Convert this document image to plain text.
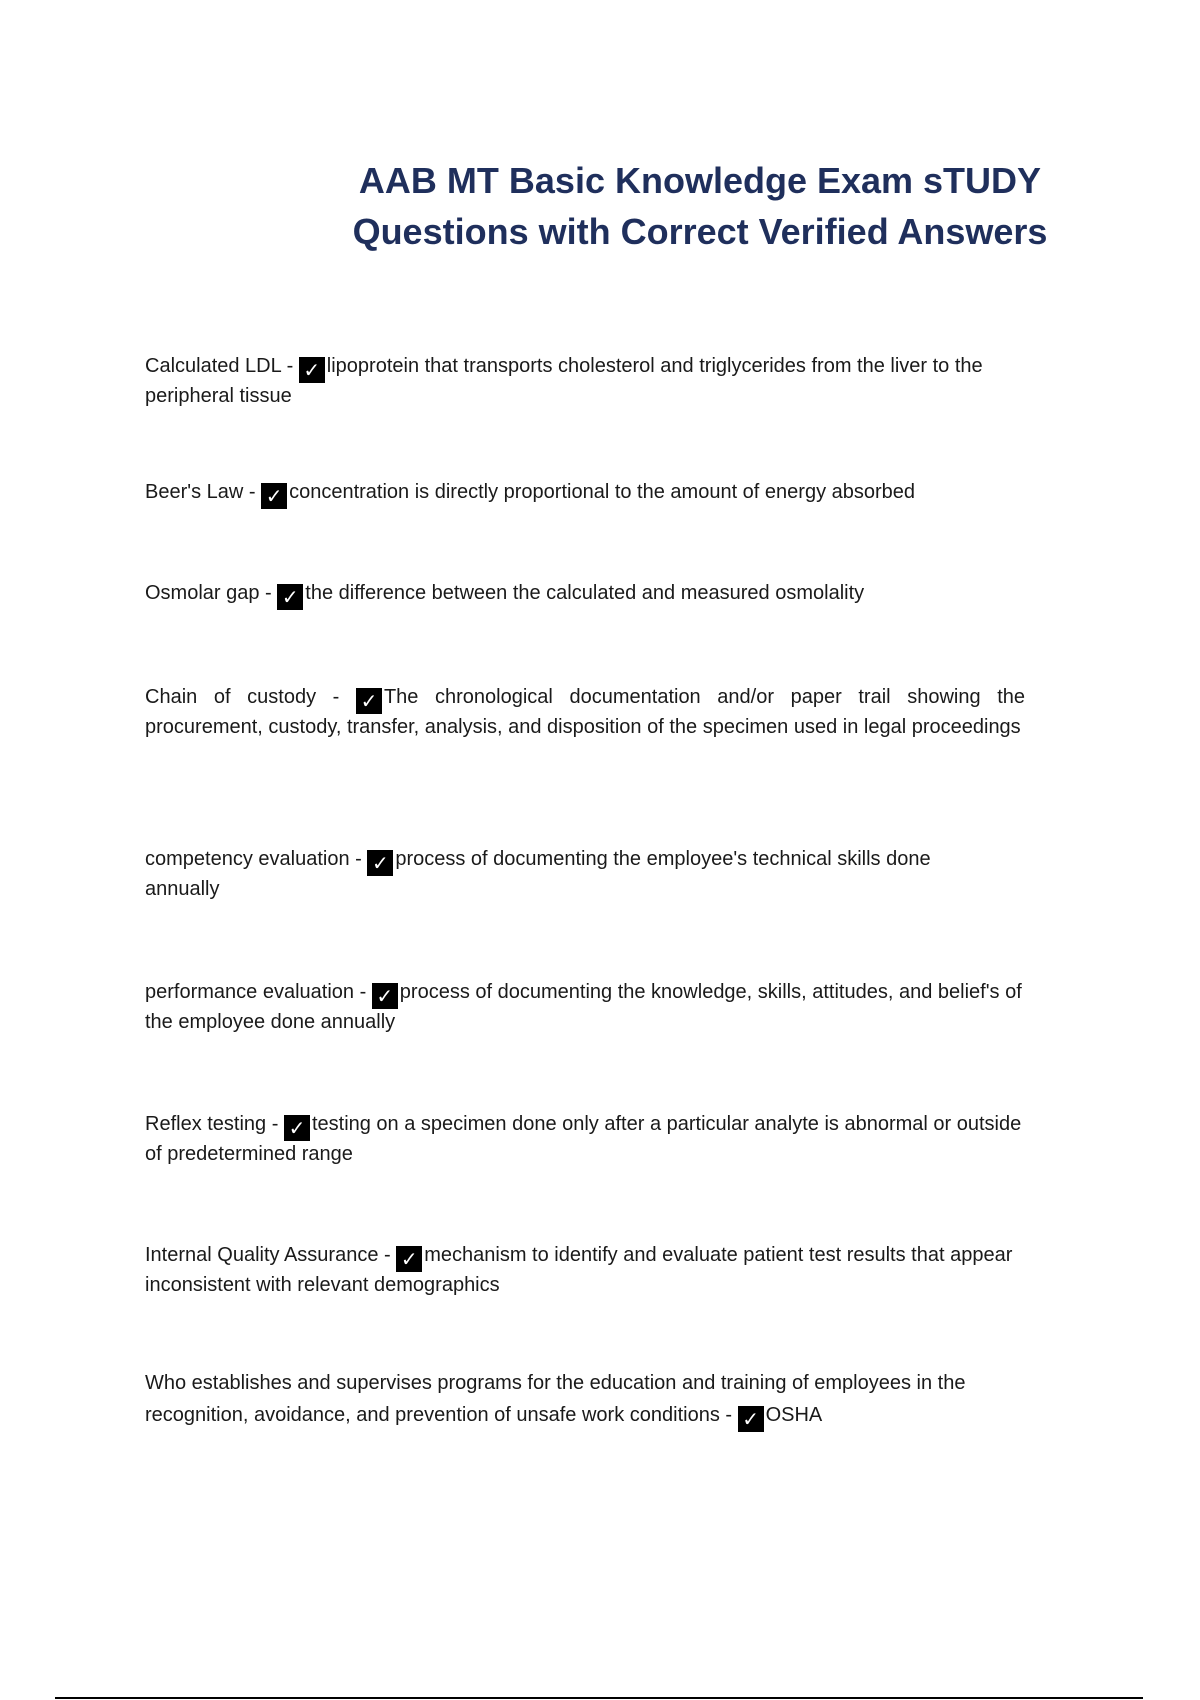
AAB MT Basic Knowledge Exam sTUDY
Questions with Correct Verified Answers
Calculated LDL - ✓ lipoprotein that transports cholesterol and triglycerides from the liver to the peripheral tissue
Beer's Law - ✓ concentration is directly proportional to the amount of energy absorbed
Osmolar gap - ✓ the difference between the calculated and measured osmolality
Chain of custody - ✓ The chronological documentation and/or paper trail showing the procurement, custody, transfer, analysis, and disposition of the specimen used in legal proceedings
competency evaluation - ✓ process of documenting the employee's technical skills done annually
performance evaluation - ✓ process of documenting the knowledge, skills, attitudes, and belief's of the employee done annually
Reflex testing - ✓ testing on a specimen done only after a particular analyte is abnormal or outside of predetermined range
Internal Quality Assurance - ✓ mechanism to identify and evaluate patient test results that appear inconsistent with relevant demographics
Who establishes and supervises programs for the education and training of employees in the recognition, avoidance, and prevention of unsafe work conditions - ✓ OSHA
